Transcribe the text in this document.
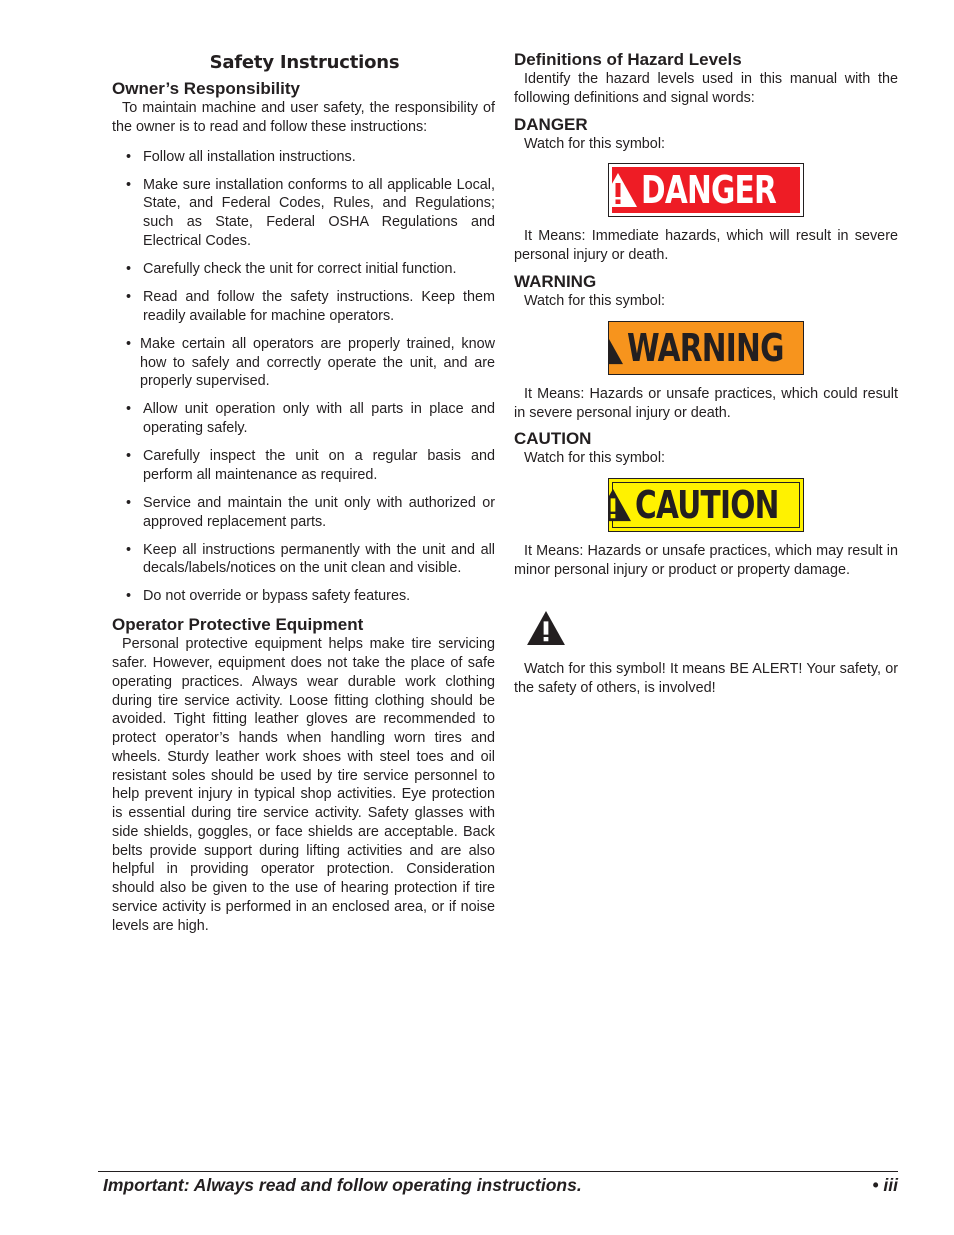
Safety Instructions
Owner’s Responsibility

To maintain machine and user safety, the responsibility of the owner is to read and follow these instructions:

• Follow all installation instructions.
• Make sure installation conforms to all applicable Local, State, and Federal Codes, Rules, and Regulations; such as State, Federal OSHA Regulations and Electrical Codes.
• Carefully check the unit for correct initial function.
• Read and follow the safety instructions. Keep them readily available for machine operators.
• Make certain all operators are properly trained, know how to safely and correctly operate the unit, and are properly supervised.
• Allow unit operation only with all parts in place and operating safely.
• Carefully inspect the unit on a regular basis and perform all maintenance as required.
• Service and maintain the unit only with authorized or approved replacement parts.
• Keep all instructions permanently with the unit and all decals/labels/notices on the unit clean and visible.
• Do not override or bypass safety features.
Operator Protective Equipment

Personal protective equipment helps make tire servicing safer. However, equipment does not take the place of safe operating practices. Always wear durable work clothing during tire service activity. Loose fitting clothing should be avoided. Tight fitting leather gloves are recommended to protect operator’s hands when handling worn tires and wheels. Sturdy leather work shoes with steel toes and oil resistant soles should be used by tire service personnel to help prevent injury in typical shop activities. Eye protection is essential during tire service activity. Safety glasses with side shields, goggles, or face shields are acceptable. Back belts provide support during lifting activities and are also helpful in providing operator protection. Consideration should also be given to the use of hearing protection if tire service activity is performed in an enclosed area, or if noise levels are high.

Definitions of Hazard Levels

Identify the hazard levels used in this manual with the following definitions and signal words:

DANGER

Watch for this symbol:

DANGER

It Means: Immediate hazards, which will result in severe personal injury or death.

WARNING

Watch for this symbol:

WARNING

It Means: Hazards or unsafe practices, which could result in severe personal injury or death.

CAUTION

Watch for this symbol:

CAUTION

It Means: Hazards or unsafe practices, which may result in minor personal injury or product or property damage.

Watch for this symbol! It means BE ALERT! Your safety, or the safety of others, is involved!

Important: Always read and follow operating instructions.	• iii
